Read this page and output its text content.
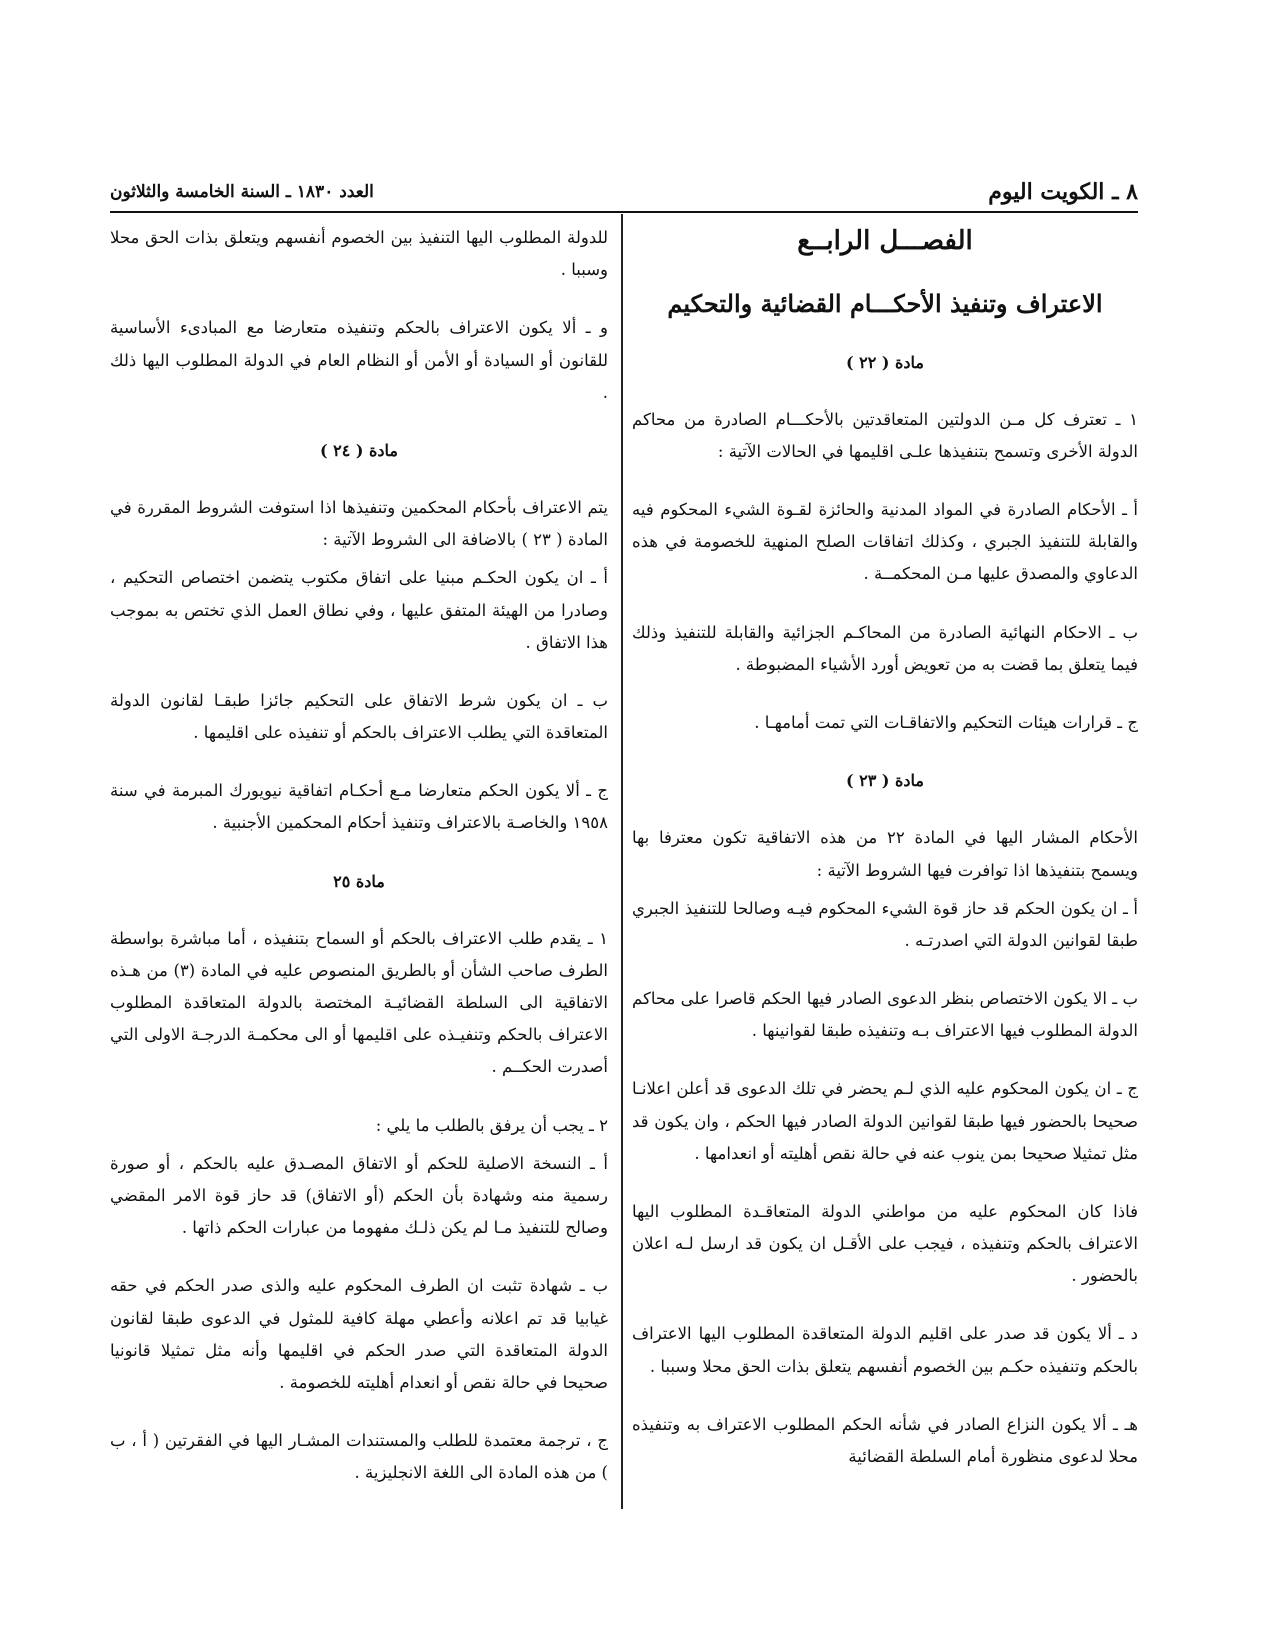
٨ ـ الكويت اليوم
العدد ١٨٣٠ ـ السنة الخامسة والثلاثون

الفصـــل الرابــع

الاعتراف وتنفيذ الأحكـــام القضائية والتحكيم

مادة ( ٢٢ )

١ ـ تعترف كل مـن الدولتين المتعاقدتين بالأحكـــام الصادرة من محاكم الدولة الأخرى وتسمح بتنفيذها علـى اقليمها في الحالات الآتية :

أ ـ الأحكام الصادرة في المواد المدنية والحائزة لقـوة الشيء المحكوم فيه والقابلة للتنفيذ الجبري ، وكذلك اتفاقات الصلح المنهية للخصومة في هذه الدعاوي والمصدق عليها مـن المحكمــة .

ب ـ الاحكام النهائية الصادرة من المحاكـم الجزائية والقابلة للتنفيذ وذلك فيما يتعلق بما قضت به من تعويض أورد الأشياء المضبوطة .

ج ـ قرارات هيئات التحكيم والاتفاقـات التي تمت أمامهـا .

مادة ( ٢٣ )

الأحكام المشار اليها في المادة ٢٢ من هذه الاتفاقية تكون معترفا بها ويسمح بتنفيذها اذا توافرت فيها الشروط الآتية :

أ ـ ان يكون الحكم قد حاز قوة الشيء المحكوم فيـه وصالحا للتنفيذ الجبري طبقا لقوانين الدولة التي اصدرتـه .

ب ـ الا يكون الاختصاص بنظر الدعوى الصادر فيها الحكم قاصرا على محاكم الدولة المطلوب فيها الاعتراف بـه وتنفيذه طبقا لقوانينها .

ج ـ ان يكون المحكوم عليه الذي لـم يحضر في تلك الدعوى قد أعلن اعلانـا صحيحا بالحضور فيها طبقا لقوانين الدولة الصادر فيها الحكم ، وان يكون قد مثل تمثيلا صحيحا بمن ينوب عنه في حالة نقص أهليته أو انعدامها .

فاذا كان المحكوم عليه من مواطني الدولة المتعاقـدة المطلوب اليها الاعتراف بالحكم وتنفيذه ، فيجب على الأقـل ان يكون قد ارسل لـه اعلان بالحضور .

د ـ ألا يكون قد صدر على اقليم الدولة المتعاقدة المطلوب اليها الاعتراف بالحكم وتنفيذه حكـم بين الخصوم أنفسهم يتعلق بذات الحق محلا وسببا .

هـ ـ ألا يكون النزاع الصادر في شأنه الحكم المطلوب الاعتراف به وتنفيذه محلا لدعوى منظورة أمام السلطة القضائية

للدولة المطلوب اليها التنفيذ بين الخصوم أنفسهم ويتعلق بذات الحق محلا وسببا .

و ـ ألا يكون الاعتراف بالحكم وتنفيذه متعارضا مع المبادىء الأساسية للقانون أو السيادة أو الأمن أو النظام العام في الدولة المطلوب اليها ذلك .

مادة ( ٢٤ )

يتم الاعتراف بأحكام المحكمين وتنفيذها اذا استوفت الشروط المقررة في المادة ( ٢٣ ) بالاضافة الى الشروط الآتية :

أ ـ ان يكون الحكـم مبنيا على اتفاق مكتوب يتضمن اختصاص التحكيم ، وصادرا من الهيئة المتفق عليها ، وفي نطاق العمل الذي تختص به بموجب هذا الاتفاق .

ب ـ ان يكون شرط الاتفاق على التحكيم جائزا طبقـا لقانون الدولة المتعاقدة التي يطلب الاعتراف بالحكم أو تنفيذه على اقليمها .

ج ـ ألا يكون الحكم متعارضا مـع أحكـام اتفاقية نيويورك المبرمة في سنة ١٩٥٨ والخاصـة بالاعتراف وتنفيذ أحكام المحكمين الأجنبية .

مادة ٢٥

١ ـ يقدم طلب الاعتراف بالحكم أو السماح بتنفيذه ، أما مباشرة بواسطة الطرف صاحب الشأن أو بالطريق المنصوص عليه في المادة (٣) من هـذه الاتفاقية الى السلطة القضائيـة المختصة بالدولة المتعاقدة المطلوب الاعتراف بالحكم وتنفيـذه على اقليمها أو الى محكمـة الدرجـة الاولى التي أصدرت الحكــم .

٢ ـ يجب أن يرفق بالطلب ما يلي :

أ ـ النسخة الاصلية للحكم أو الاتفاق المصـدق عليه بالحكم ، أو صورة رسمية منه وشهادة بأن الحكم (أو الاتفاق) قد حاز قوة الامر المقضي وصالح للتنفيذ مـا لم يكن ذلـك مفهوما من عبارات الحكم ذاتها .

ب ـ شهادة تثبت ان الطرف المحكوم عليه والذى صدر الحكم في حقه غيابيا قد تم اعلانه وأعطي مهلة كافية للمثول في الدعوى طبقا لقانون الدولة المتعاقدة التي صدر الحكم في اقليمها وأنه مثل تمثيلا قانونيا صحيحا في حالة نقص أو انعدام أهليته للخصومة .

ج ، ترجمة معتمدة للطلب والمستندات المشـار اليها في الفقرتين ( أ ، ب ) من هذه المادة الى اللغة الانجليزية .
